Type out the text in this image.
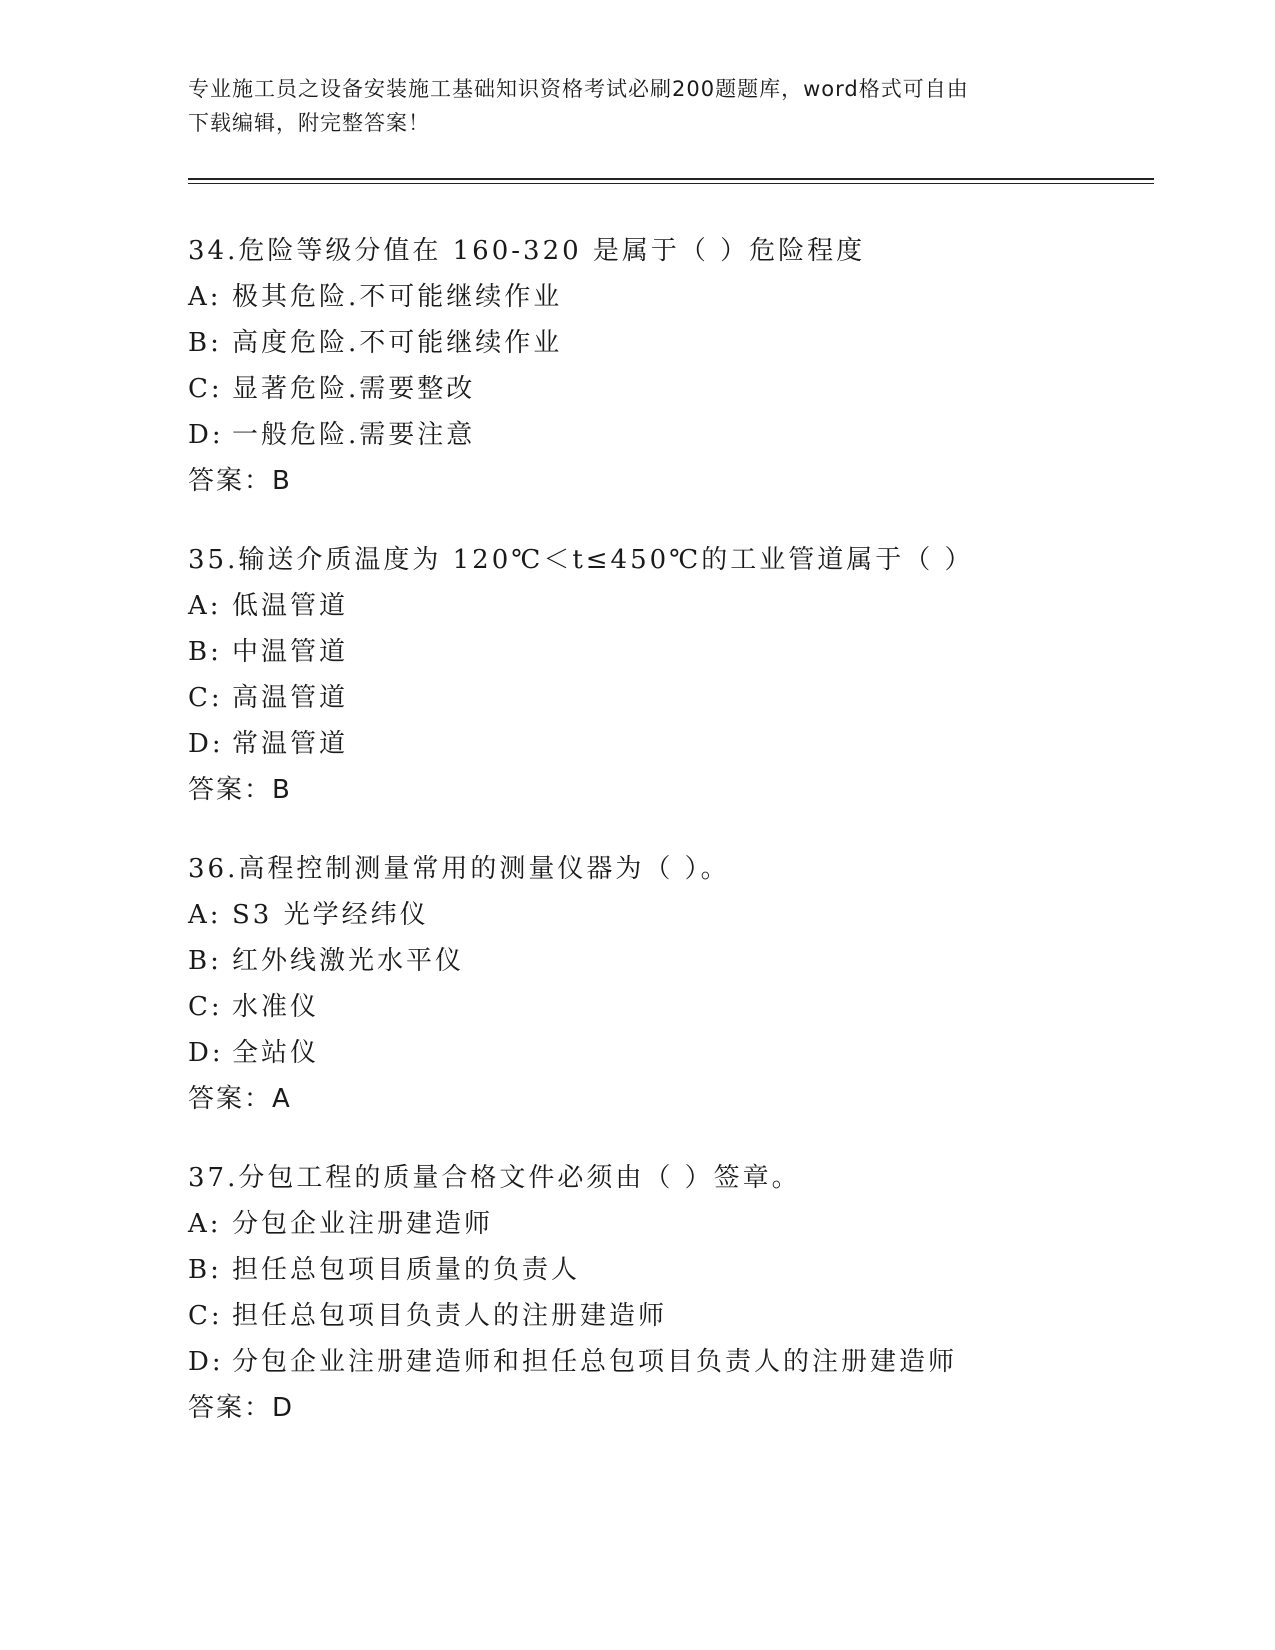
专业施工员之设备安装施工基础知识资格考试必刷200题题库，word格式可自由
下载编辑，附完整答案！
34.危险等级分值在 160-320 是属于（ ）危险程度
A: 极其危险.不可能继续作业
B: 高度危险.不可能继续作业
C: 显著危险.需要整改
D: 一般危险.需要注意
答案：B
35.输送介质温度为 120℃＜t≤450℃的工业管道属于（ ）
A: 低温管道
B: 中温管道
C: 高温管道
D: 常温管道
答案：B
36.高程控制测量常用的测量仪器为（ ）。
A: S3 光学经纬仪
B: 红外线激光水平仪
C: 水准仪
D: 全站仪
答案：A
37.分包工程的质量合格文件必须由（ ）签章。
A: 分包企业注册建造师
B: 担任总包项目质量的负责人
C: 担任总包项目负责人的注册建造师
D: 分包企业注册建造师和担任总包项目负责人的注册建造师
答案：D
